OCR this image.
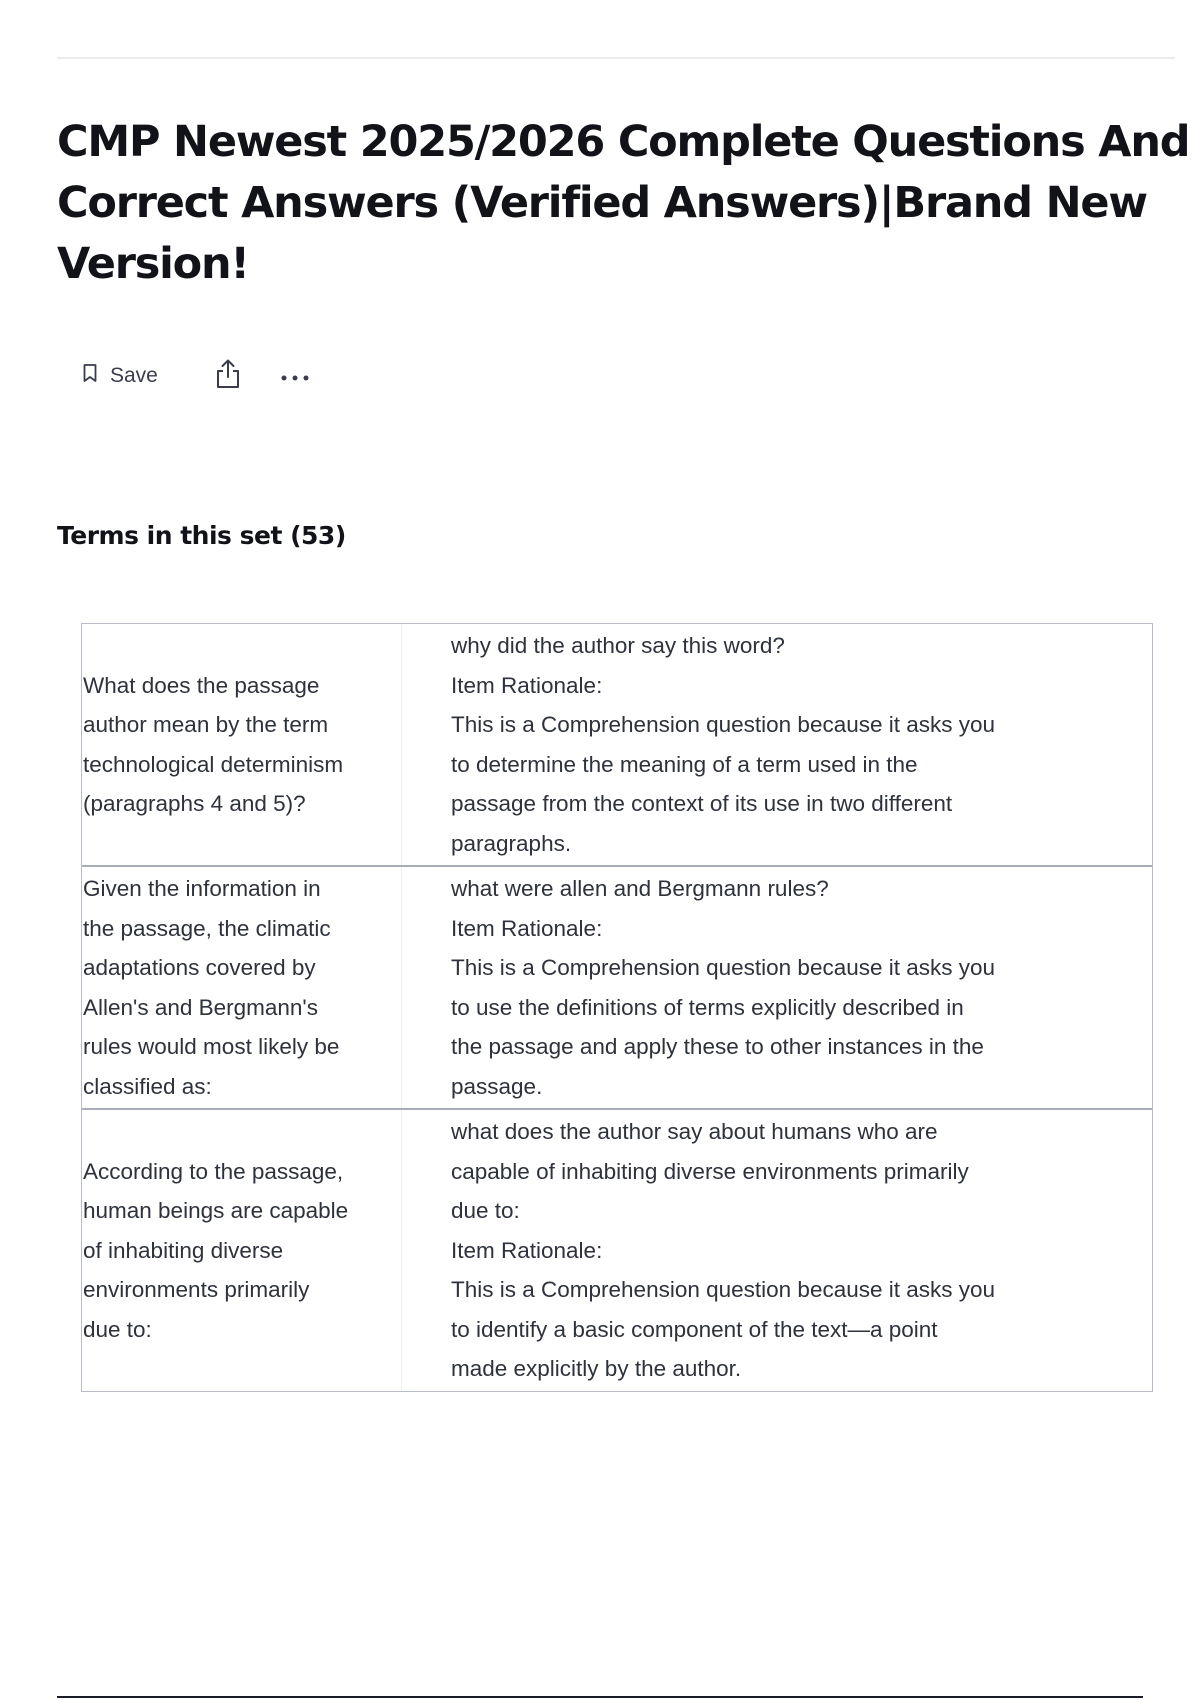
CMP Newest 2025/2026 Complete Questions And Correct Answers (Verified Answers)|Brand New Version!
Save
Terms in this set (53)
What does the passage
author mean by the term
technological determinism
(paragraphs 4 and 5)?
why did the author say this word?
Item Rationale:
This is a Comprehension question because it asks you
to determine the meaning of a term used in the
passage from the context of its use in two different
paragraphs.
Given the information in
the passage, the climatic
adaptations covered by
Allen's and Bergmann's
rules would most likely be
classified as:
what were allen and Bergmann rules?
Item Rationale:
This is a Comprehension question because it asks you
to use the definitions of terms explicitly described in
the passage and apply these to other instances in the
passage.
According to the passage,
human beings are capable
of inhabiting diverse
environments primarily
due to:
what does the author say about humans who are
capable of inhabiting diverse environments primarily
due to:
Item Rationale:
This is a Comprehension question because it asks you
to identify a basic component of the text—a point
made explicitly by the author.
